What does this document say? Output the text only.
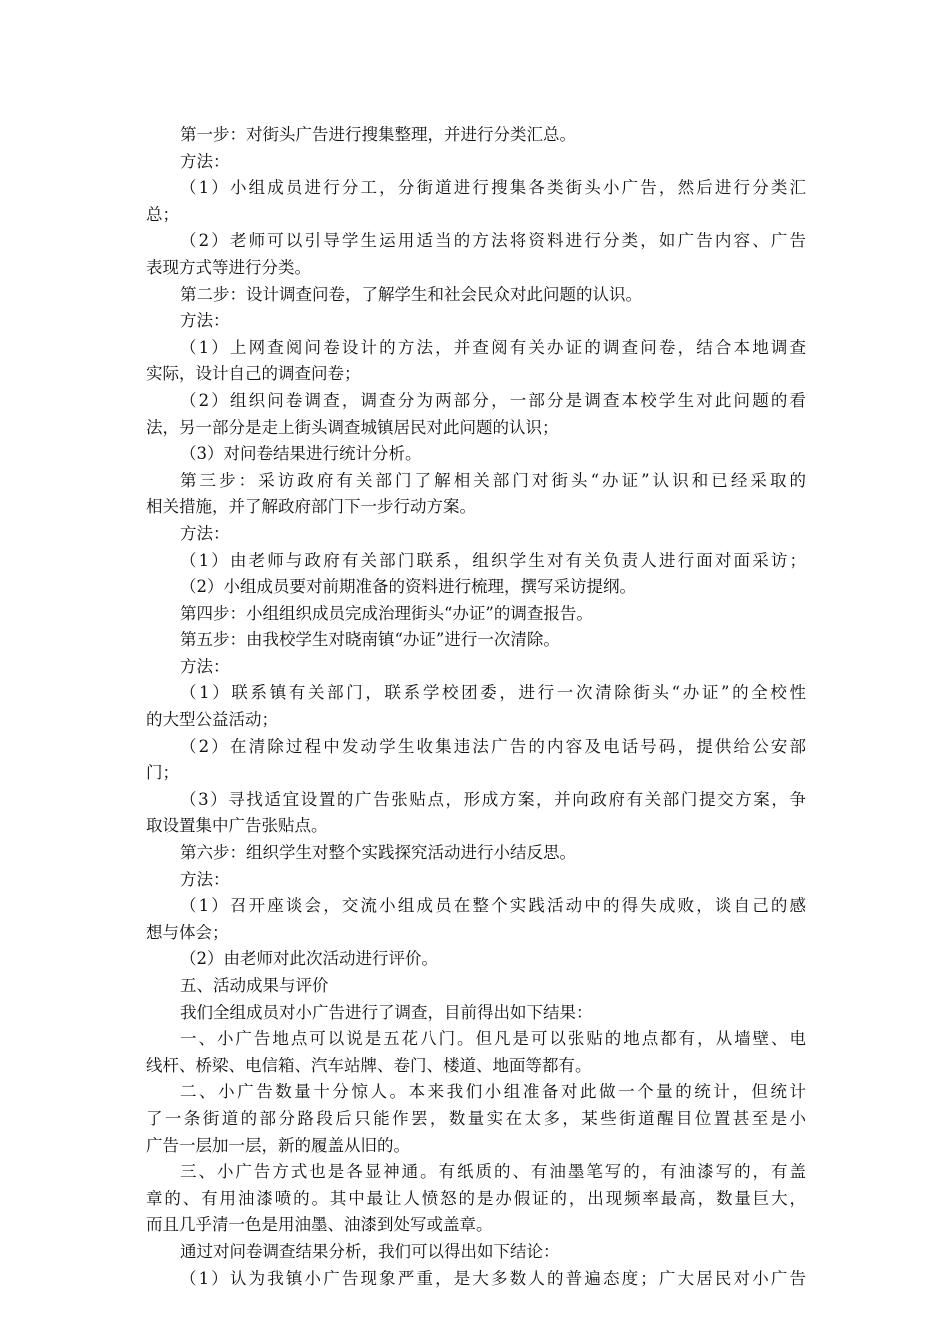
第一步：对街头广告进行搜集整理，并进行分类汇总。
方法：
（1）小组成员进行分工，分街道进行搜集各类街头小广告，然后进行分类汇
总；
（2）老师可以引导学生运用适当的方法将资料进行分类，如广告内容、广告
表现方式等进行分类。
第二步：设计调查问卷，了解学生和社会民众对此问题的认识。
方法：
（1）上网查阅问卷设计的方法，并查阅有关办证的调查问卷，结合本地调查
实际，设计自己的调查问卷；
（2）组织问卷调查，调查分为两部分，一部分是调查本校学生对此问题的看
法，另一部分是走上街头调查城镇居民对此问题的认识；
（3）对问卷结果进行统计分析。
第三步：采访政府有关部门了解相关部门对街头“办证”认识和已经采取的
相关措施，并了解政府部门下一步行动方案。
方法：
（1）由老师与政府有关部门联系，组织学生对有关负责人进行面对面采访；
（2）小组成员要对前期准备的资料进行梳理，撰写采访提纲。
第四步：小组组织成员完成治理街头“办证”的调查报告。
第五步：由我校学生对晓南镇“办证”进行一次清除。
方法：
（1）联系镇有关部门，联系学校团委，进行一次清除街头“办证”的全校性
的大型公益活动；
（2）在清除过程中发动学生收集违法广告的内容及电话号码，提供给公安部
门；
（3）寻找适宜设置的广告张贴点，形成方案，并向政府有关部门提交方案，争
取设置集中广告张贴点。
第六步：组织学生对整个实践探究活动进行小结反思。
方法：
（1）召开座谈会，交流小组成员在整个实践活动中的得失成败，谈自己的感
想与体会；
（2）由老师对此次活动进行评价。
五、活动成果与评价
我们全组成员对小广告进行了调查，目前得出如下结果：
一、小广告地点可以说是五花八门。但凡是可以张贴的地点都有，从墙壁、电
线杆、桥梁、电信箱、汽车站牌、卷门、楼道、地面等都有。
二、小广告数量十分惊人。本来我们小组准备对此做一个量的统计，但统计
了一条街道的部分路段后只能作罢，数量实在太多，某些街道醒目位置甚至是小
广告一层加一层，新的履盖从旧的。
三、小广告方式也是各显神通。有纸质的、有油墨笔写的，有油漆写的，有盖
章的、有用油漆喷的。其中最让人愤怒的是办假证的，出现频率最高，数量巨大，
而且几乎清一色是用油墨、油漆到处写或盖章。
通过对问卷调查结果分析，我们可以得出如下结论：
（1）认为我镇小广告现象严重，是大多数人的普遍态度；广大居民对小广告
